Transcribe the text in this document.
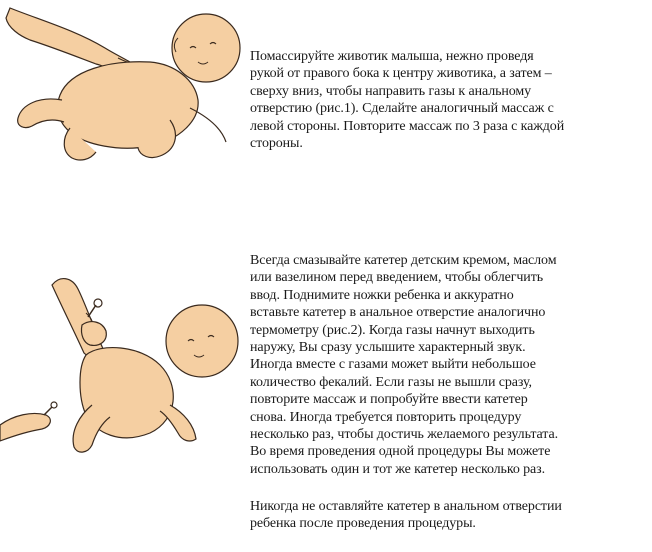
Помассируйте животик малыша, нежно проведя
рукой от правого бока к центру животика, а затем –
сверху вниз, чтобы направить газы к анальному
отверстию (рис.1). Сделайте аналогичный массаж с
левой стороны. Повторите массаж по 3 раза с каждой
стороны.

Всегда смазывайте катетер детским кремом, маслом
или вазелином перед введением, чтобы облегчить
ввод. Поднимите ножки ребенка и аккуратно
вставьте катетер в анальное отверстие аналогично
термометру (рис.2). Когда газы начнут выходить
наружу, Вы сразу услышите характерный звук.
Иногда вместе с газами может выйти небольшое
количество фекалий. Если газы не вышли сразу,
повторите массаж и попробуйте ввести катетер
снова. Иногда требуется повторить процедуру
несколько раз, чтобы достичь желаемого результата.
Во время проведения одной процедуры Вы можете
использовать один и тот же катетер несколько раз.

Никогда не оставляйте катетер в анальном отверстии
ребенка после проведения процедуры.
